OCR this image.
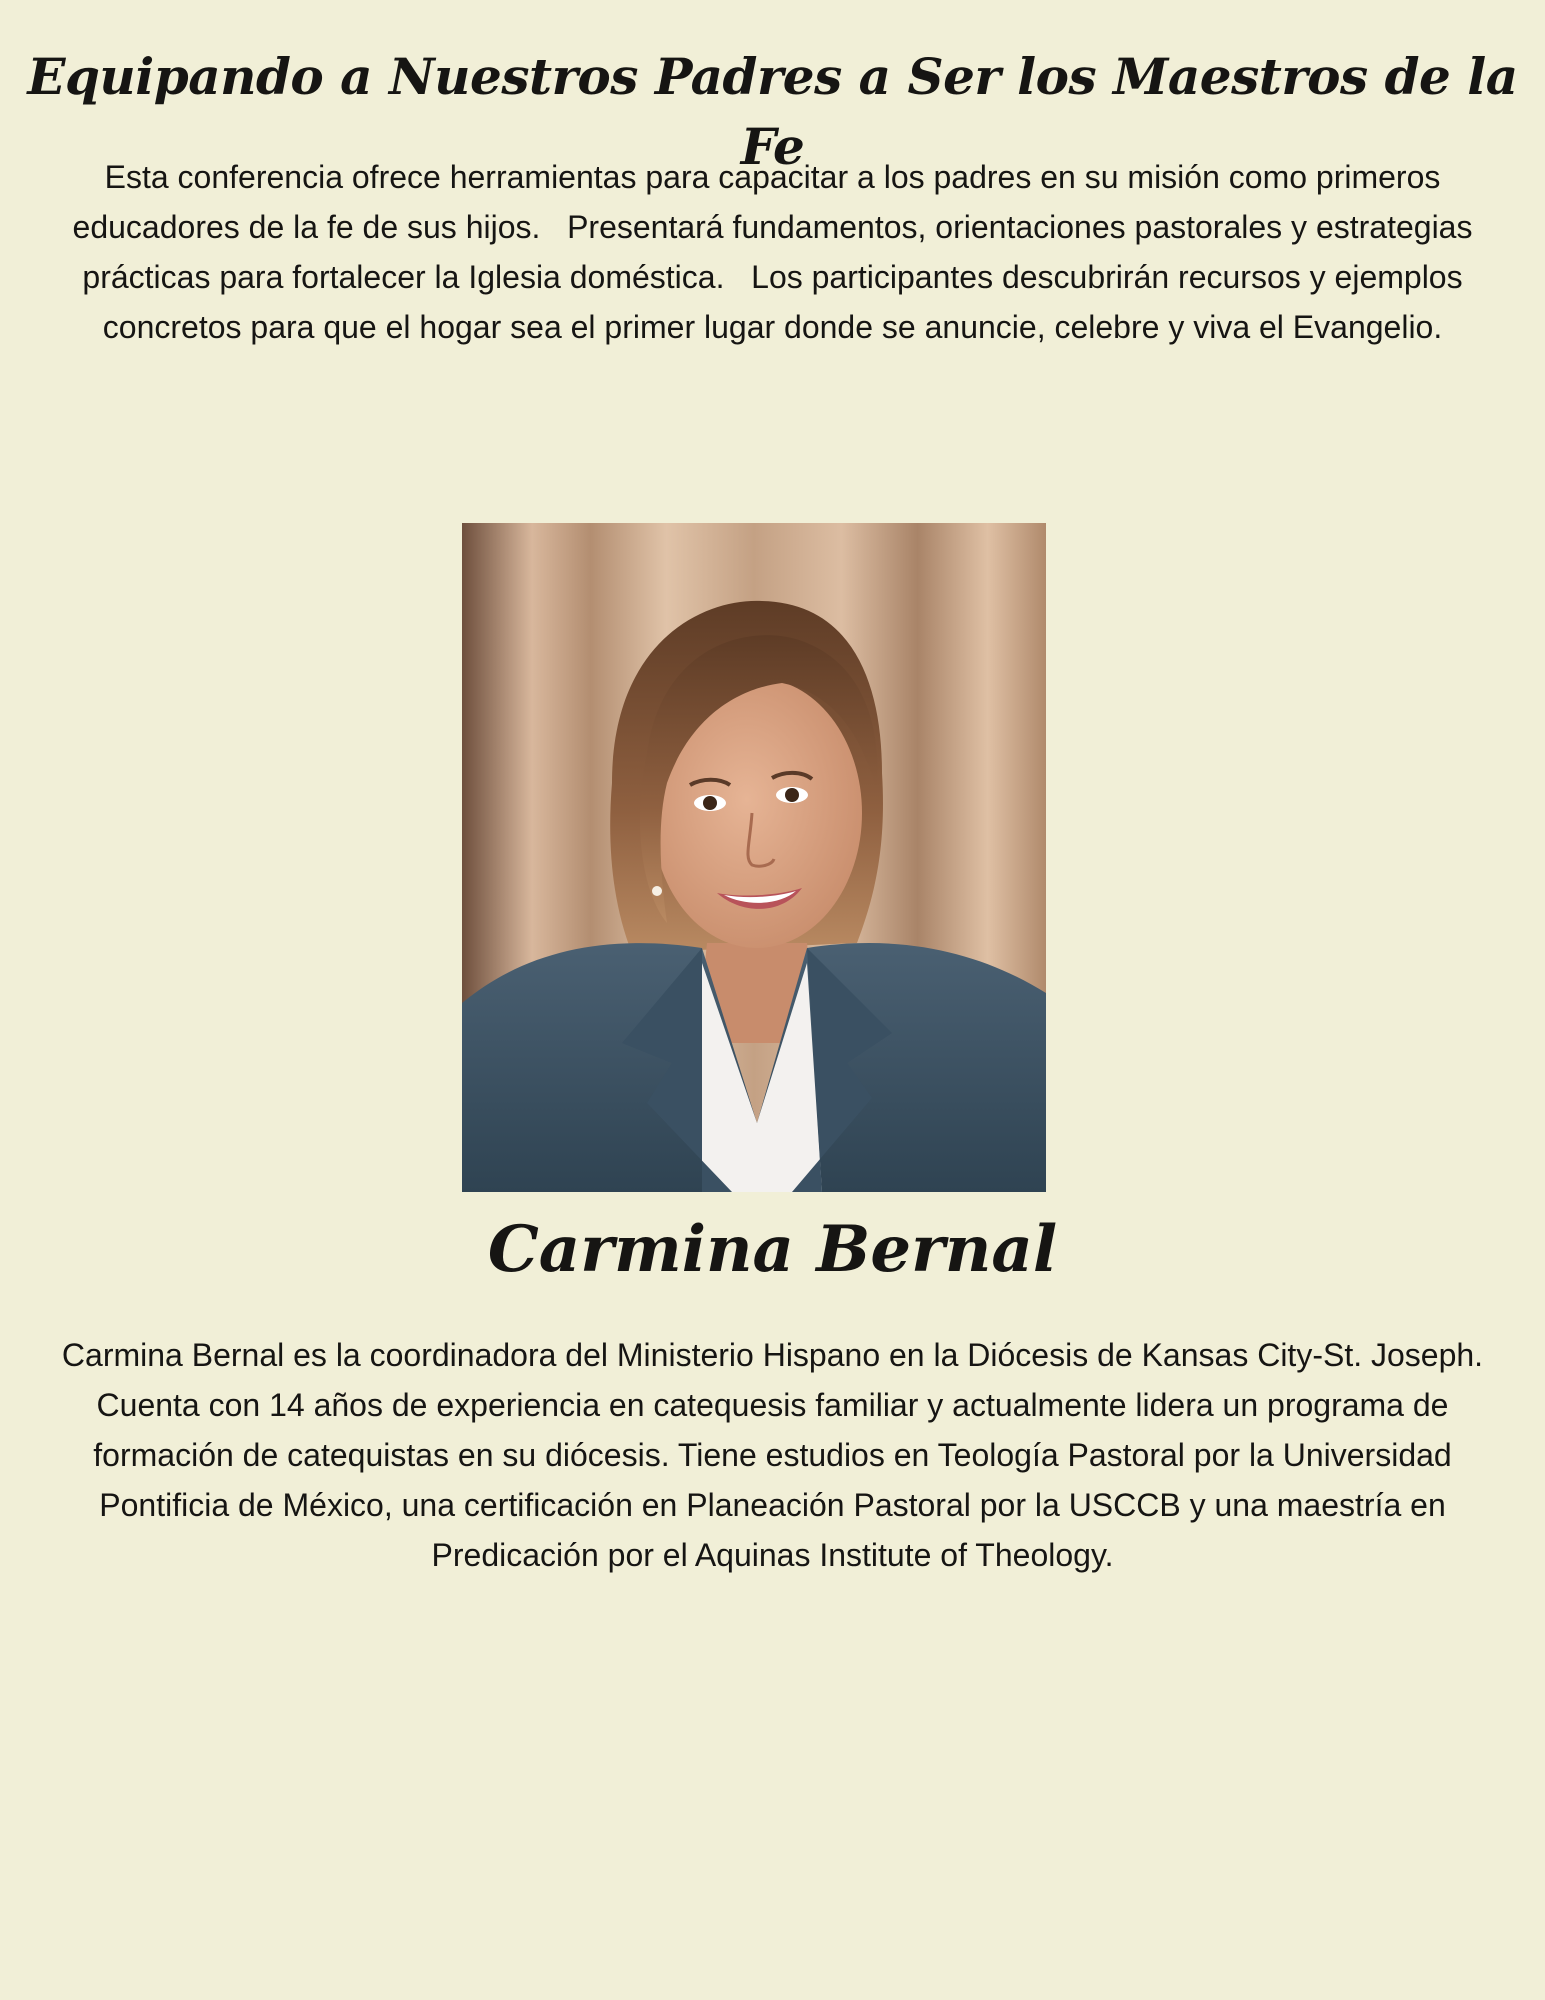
Equipando a Nuestros Padres a Ser los Maestros de la Fe

Esta conferencia ofrece herramientas para capacitar a los padres en su misión como primeros educadores de la fe de sus hijos.   Presentará fundamentos, orientaciones pastorales y estrategias prácticas para fortalecer la Iglesia doméstica.   Los participantes descubrirán recursos y ejemplos concretos para que el hogar sea el primer lugar donde se anuncie, celebre y viva el Evangelio.

Carmina Bernal

Carmina Bernal es la coordinadora del Ministerio Hispano en la Diócesis de Kansas City-St. Joseph. Cuenta con 14 años de experiencia en catequesis familiar y actualmente lidera un programa de formación de catequistas en su diócesis. Tiene estudios en Teología Pastoral por la Universidad Pontificia de México, una certificación en Planeación Pastoral por la USCCB y una maestría en Predicación por el Aquinas Institute of Theology.
